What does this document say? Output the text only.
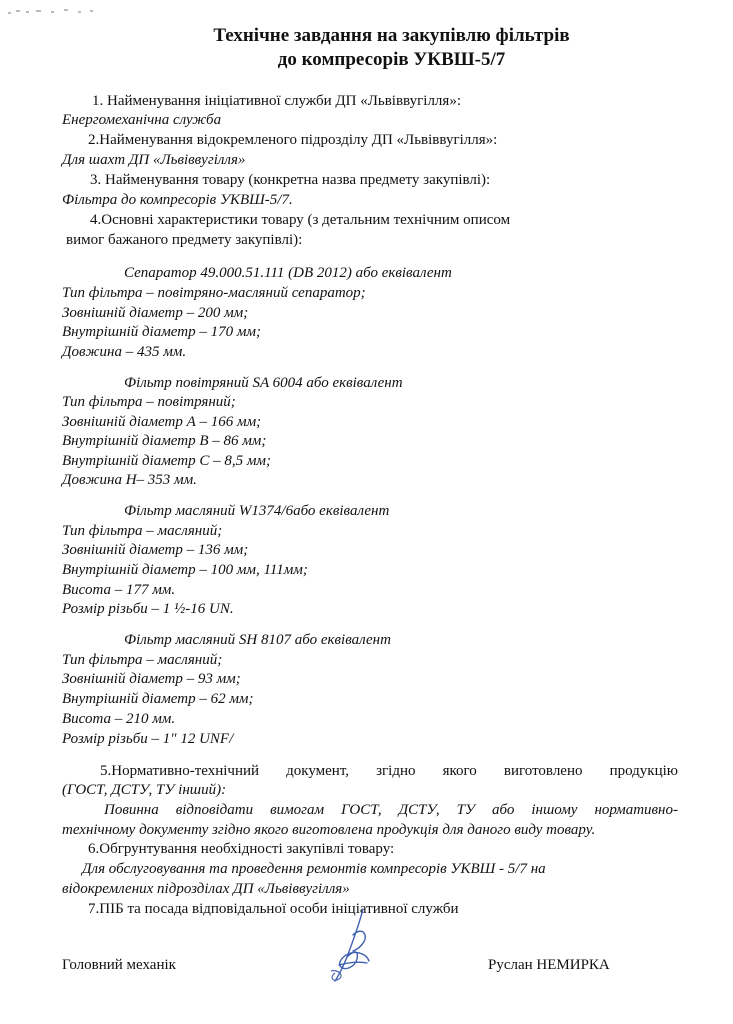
Технічне завдання на закупівлю фільтрів
до компресорів УКВШ-5/7
1. Найменування ініціативної служби ДП «Львіввугілля»:
Енергомеханічна служба
2.Найменування відокремленого підрозділу ДП «Львіввугілля»:
Для шахт ДП «Львіввугілля»
3. Найменування товару (конкретна назва предмету закупівлі):
Фільтра до компресорів УКВШ-5/7.
4.Основні характеристики товару (з детальним технічним описом
вимог бажаного предмету закупівлі):
Сепаратор 49.000.51.111 (DB 2012) або еквівалент
Тип фільтра – повітряно-масляний сепаратор;
Зовнішній діаметр – 200 мм;
Внутрішній діаметр – 170 мм;
Довжина – 435 мм.
Фільтр повітряний SA 6004 або еквівалент
Тип фільтра – повітряний;
Зовнішній діаметр А – 166 мм;
Внутрішній діаметр В – 86 мм;
Внутрішній діаметр С – 8,5 мм;
Довжина Н– 353 мм.
Фільтр масляний W1374/6або еквівалент
Тип фільтра – масляний;
Зовнішній діаметр – 136 мм;
Внутрішній діаметр – 100 мм, 111мм;
Висота – 177 мм.
Розмір різьби – 1 ½-16 UN.
Фільтр масляний SH 8107 або еквівалент
Тип фільтра – масляний;
Зовнішній діаметр – 93 мм;
Внутрішній діаметр – 62 мм;
Висота – 210 мм.
Розмір різьби – 1" 12 UNF/
5.Нормативно-технічний документ, згідно якого виготовлено продукцію
(ГОСТ, ДСТУ, ТУ інший):
Повинна відповідати вимогам ГОСТ, ДСТУ, ТУ або іншому нормативно-
технічному документу згідно якого виготовлена продукція для даного виду товару.
6.Обгрунтування необхідності закупівлі товару:
Для обслуговування та проведення ремонтів компресорів УКВШ - 5/7 на
відокремлених підрозділах ДП «Львіввугілля»
7.ПІБ та посада відповідальної особи ініціативної служби
Головний механік	Руслан НЕМИРКА
